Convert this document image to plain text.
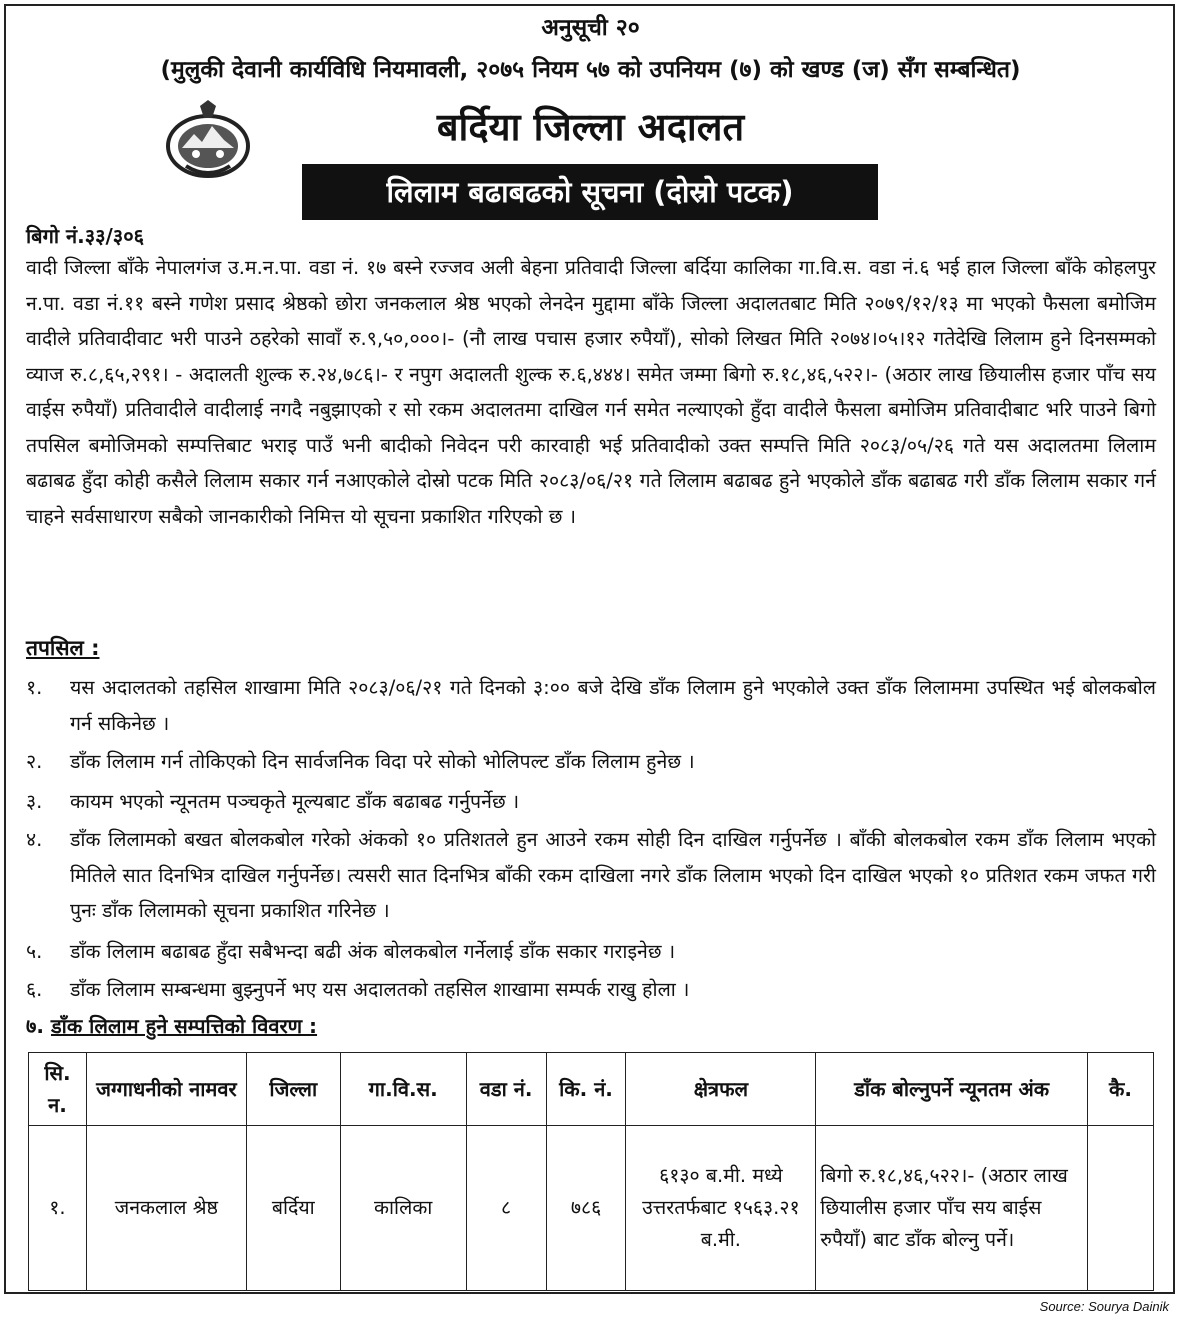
अनुसूची २०
(मुलुकी देवानी कार्यविधि नियमावली, २०७५ नियम ५७ को उपनियम (७) को खण्ड (ज) सँग सम्बन्धित)
बर्दिया जिल्ला अदालत
लिलाम बढाबढको सूचना (दोस्रो पटक)
बिगो नं.३३/३०६

वादी जिल्ला बाँके नेपालगंज उ.म.न.पा. वडा नं. १७ बस्ने रज्जव अली बेहना प्रतिवादी जिल्ला बर्दिया कालिका गा.वि.स. वडा नं.६ भई हाल जिल्ला बाँके कोहलपुर न.पा. वडा नं.११ बस्ने गणेश प्रसाद श्रेष्ठको छोरा जनकलाल श्रेष्ठ भएको लेनदेन मुद्दामा बाँके जिल्ला अदालतबाट मिति २०७९/१२/१३ मा भएको फैसला बमोजिम वादीले प्रतिवादीवाट भरी पाउने ठहरेको सावाँ रु.९,५०,०००।- (नौ लाख पचास हजार रुपैयाँ), सोको लिखत मिति २०७४।०५।१२ गतेदेखि लिलाम हुने दिनसम्मको व्याज रु.८,६५,२९१। - अदालती शुल्क रु.२४,७८६।- र नपुग अदालती शुल्क रु.६,४४४। समेत जम्मा बिगो रु.१८,४६,५२२।- (अठार लाख छियालीस हजार पाँच सय वाईस रुपैयाँ) प्रतिवादीले वादीलाई नगदै नबुझाएको र सो रकम अदालतमा दाखिल गर्न समेत नल्याएको हुँदा वादीले फैसला बमोजिम प्रतिवादीबाट भरि पाउने बिगो तपसिल बमोजिमको सम्पत्तिबाट भराइ पाउँ भनी बादीको निवेदन परी कारवाही भई प्रतिवादीको उक्त सम्पत्ति मिति २०८३/०५/२६ गते यस अदालतमा लिलाम बढाबढ हुँदा कोही कसैले लिलाम सकार गर्न नआएकोले दोस्रो पटक मिति २०८३/०६/२१ गते लिलाम बढाबढ हुने भएकोले डाँक बढाबढ गरी डाँक लिलाम सकार गर्न चाहने सर्वसाधारण सबैको जानकारीको निमित्त यो सूचना प्रकाशित गरिएको छ ।

तपसिल :
१.	यस अदालतको तहसिल शाखामा मिति २०८३/०६/२१ गते दिनको ३:०० बजे देखि डाँक लिलाम हुने भएकोले उक्त डाँक लिलाममा उपस्थित भई बोलकबोल गर्न सकिनेछ ।
२.	डाँक लिलाम गर्न तोकिएको दिन सार्वजनिक विदा परे सोको भोलिपल्ट डाँक लिलाम हुनेछ ।
३.	कायम भएको न्यूनतम पञ्चकृते मूल्यबाट डाँक बढाबढ गर्नुपर्नेछ ।
४.	डाँक लिलामको बखत बोलकबोल गरेको अंकको १० प्रतिशतले हुन आउने रकम सोही दिन दाखिल गर्नुपर्नेछ । बाँकी बोलकबोल रकम डाँक लिलाम भएको मितिले सात दिनभित्र दाखिल गर्नुपर्नेछ। त्यसरी सात दिनभित्र बाँकी रकम दाखिला नगरे डाँक लिलाम भएको दिन दाखिल भएको १० प्रतिशत रकम जफत गरी पुनः डाँक लिलामको सूचना प्रकाशित गरिनेछ ।
५.	डाँक लिलाम बढाबढ हुँदा सबैभन्दा बढी अंक बोलकबोल गर्नेलाई डाँक सकार गराइनेछ ।
६.	डाँक लिलाम सम्बन्धमा बुझ्नुपर्ने भए यस अदालतको तहसिल शाखामा सम्पर्क राखु होला ।
७. डाँक लिलाम हुने सम्पत्तिको विवरण :
सि. न.	जग्गाधनीको नामवर	जिल्ला	गा.वि.स.	वडा नं.	कि. नं.	क्षेत्रफल	डाँक बोल्नुपर्ने न्यूनतम अंक	कै.
१.	जनकलाल श्रेष्ठ	बर्दिया	कालिका	८	७८६	६१३० ब.मी. मध्ये उत्तरतर्फबाट १५६३.२१ ब.मी.	बिगो रु.१८,४६,५२२।- (अठार लाख छियालीस हजार पाँच सय बाईस रुपैयाँ) बाट डाँक बोल्नु पर्ने।	
Source: Sourya Dainik
